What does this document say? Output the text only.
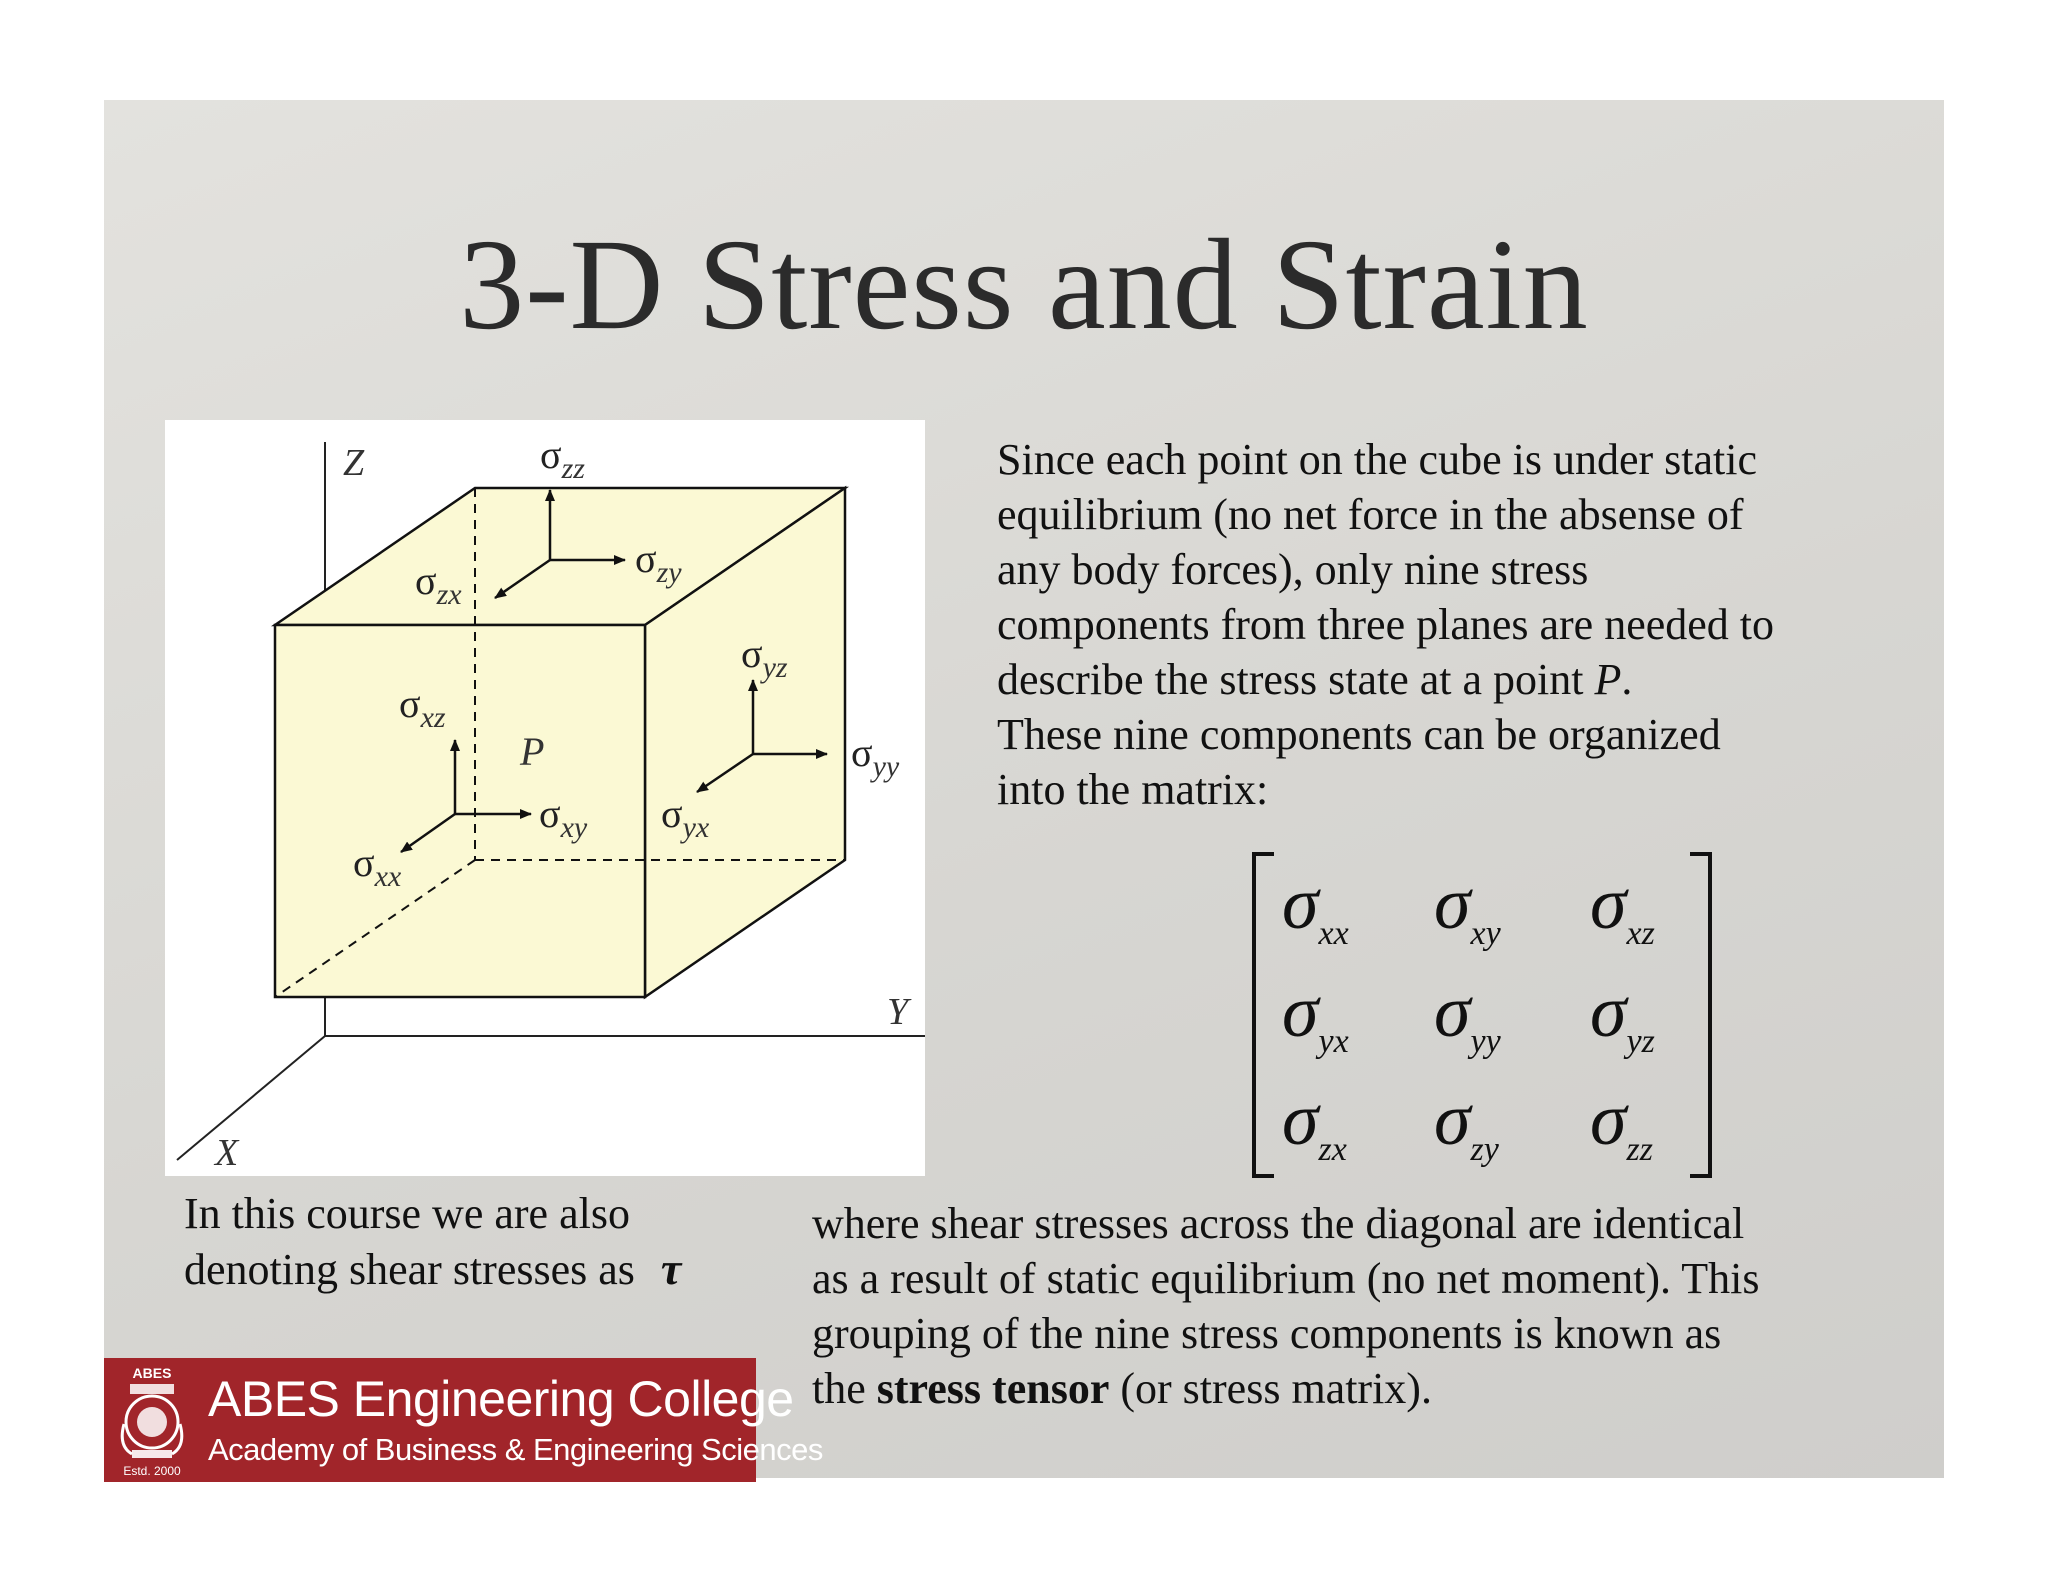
3-D Stress and Strain
Z
Y
X
P
$\sigma_{zz}$
$\sigma_{zx}$
$\sigma_{zy}$
$\sigma_{xz}$
$\sigma_{xy}$
$\sigma_{xx}$
$\sigma_{yz}$
$\sigma_{yx}$
$\sigma_{yy}$
Since each point on the cube is under static
equilibrium (no net force in the absense of
any body forces), only nine stress
components from three planes are needed to
describe the stress state at a point P.
These nine components can be organized
into the matrix:
σxx σxy σxz
σyx σyy σyz
σzx σzy σzz
In this course we are also
denoting shear stresses as τ
where shear stresses across the diagonal are identical
as a result of static equilibrium (no net moment). This
grouping of the nine stress components is known as
the stress tensor (or stress matrix).
ABES
Estd. 2000
ABES Engineering College
Academy of Business & Engineering Sciences
